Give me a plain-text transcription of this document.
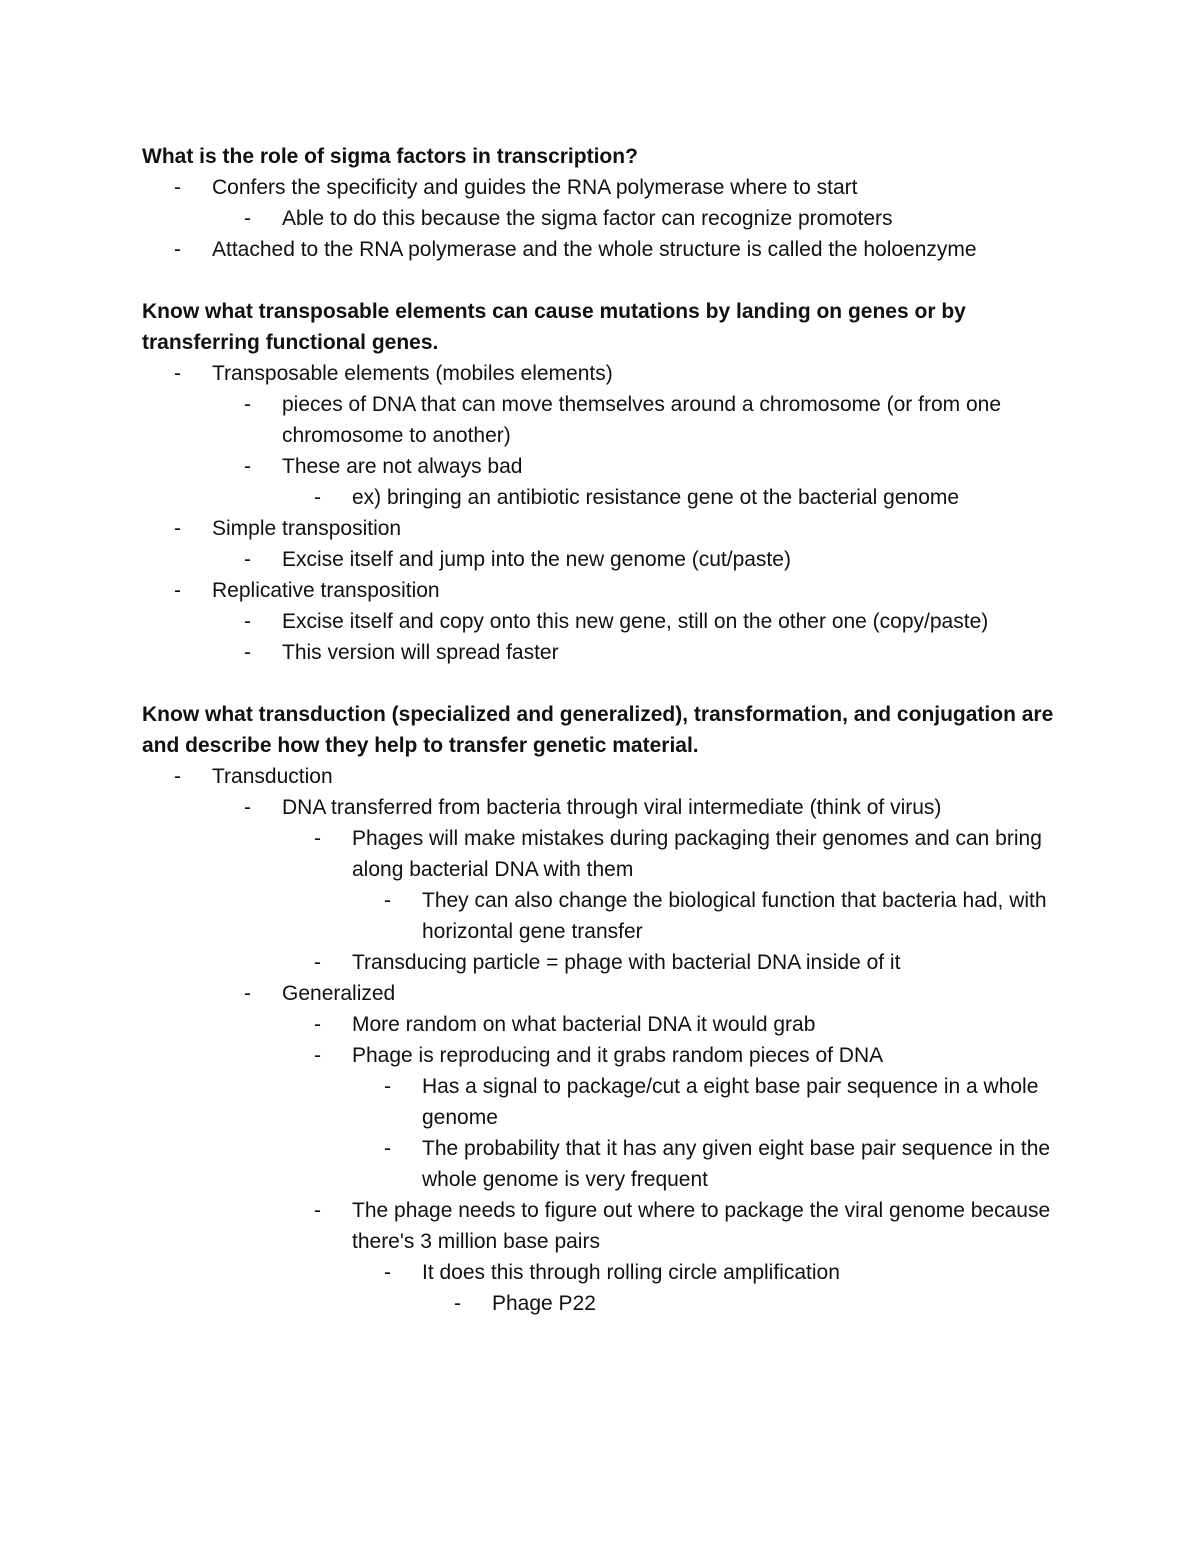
What is the role of sigma factors in transcription?
- Confers the specificity and guides the RNA polymerase where to start
- Able to do this because the sigma factor can recognize promoters
- Attached to the RNA polymerase and the whole structure is called the holoenzyme
Know what transposable elements can cause mutations by landing on genes or by transferring functional genes.
- Transposable elements (mobiles elements)
- pieces of DNA that can move themselves around a chromosome (or from one chromosome to another)
- These are not always bad
- ex) bringing an antibiotic resistance gene ot the bacterial genome
- Simple transposition
- Excise itself and jump into the new genome (cut/paste)
- Replicative transposition
- Excise itself and copy onto this new gene, still on the other one (copy/paste)
- This version will spread faster
Know what transduction (specialized and generalized), transformation, and conjugation are and describe how they help to transfer genetic material.
- Transduction
- DNA transferred from bacteria through viral intermediate (think of virus)
- Phages will make mistakes during packaging their genomes and can bring along bacterial DNA with them
- They can also change the biological function that bacteria had, with horizontal gene transfer
- Transducing particle = phage with bacterial DNA inside of it
- Generalized
- More random on what bacterial DNA it would grab
- Phage is reproducing and it grabs random pieces of DNA
- Has a signal to package/cut a eight base pair sequence in a whole genome
- The probability that it has any given eight base pair sequence in the whole genome is very frequent
- The phage needs to figure out where to package the viral genome because there's 3 million base pairs
- It does this through rolling circle amplification
- Phage P22
